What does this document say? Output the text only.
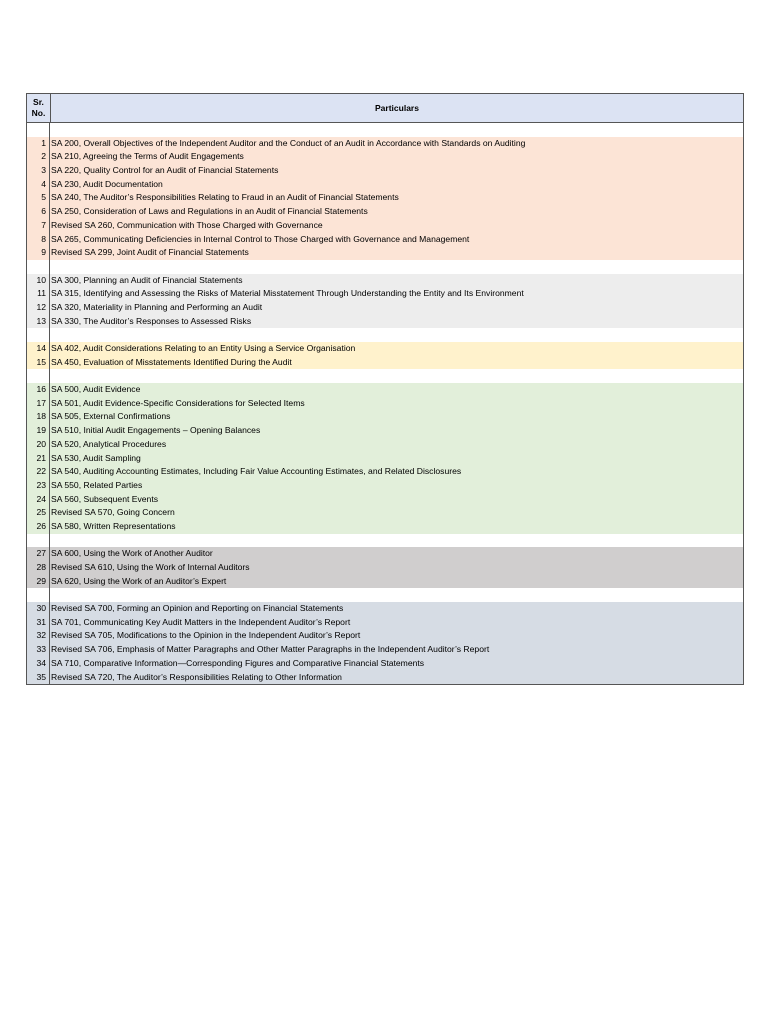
Sr.
No.	Particulars
1 SA 200, Overall Objectives of the Independent Auditor and the Conduct of an Audit in Accordance with Standards on Auditing
2 SA 210, Agreeing the Terms of Audit Engagements
3 SA 220, Quality Control for an Audit of Financial Statements
4 SA 230, Audit Documentation
5 SA 240, The Auditor’s Responsibilities Relating to Fraud in an Audit of Financial Statements
6 SA 250, Consideration of Laws and Regulations in an Audit of Financial Statements
7 Revised SA 260, Communication with Those Charged with Governance
8 SA 265, Communicating Deficiencies in Internal Control to Those Charged with Governance and Management
9 Revised SA 299, Joint Audit of Financial Statements
10 SA 300, Planning an Audit of Financial Statements
11 SA 315, Identifying and Assessing the Risks of Material Misstatement Through Understanding the Entity and Its Environment
12 SA 320, Materiality in Planning and Performing an Audit
13 SA 330, The Auditor’s Responses to Assessed Risks
14 SA 402, Audit Considerations Relating to an Entity Using a Service Organisation
15 SA 450, Evaluation of Misstatements Identified During the Audit
16 SA 500, Audit Evidence
17 SA 501, Audit Evidence-Specific Considerations for Selected Items
18 SA 505, External Confirmations
19 SA 510, Initial Audit Engagements – Opening Balances
20 SA 520, Analytical Procedures
21 SA 530, Audit Sampling
22 SA 540, Auditing Accounting Estimates, Including Fair Value Accounting Estimates, and Related Disclosures
23 SA 550, Related Parties
24 SA 560, Subsequent Events
25 Revised SA 570, Going Concern
26 SA 580, Written Representations
27 SA 600, Using the Work of Another Auditor
28 Revised SA 610, Using the Work of Internal Auditors
29 SA 620, Using the Work of an Auditor’s Expert
30 Revised SA 700, Forming an Opinion and Reporting on Financial Statements
31 SA 701, Communicating Key Audit Matters in the Independent Auditor’s Report
32 Revised SA 705, Modifications to the Opinion in the Independent Auditor’s Report
33 Revised SA 706, Emphasis of Matter Paragraphs and Other Matter Paragraphs in the Independent Auditor’s Report
34 SA 710, Comparative Information—Corresponding Figures and Comparative Financial Statements
35 Revised SA 720, The Auditor’s Responsibilities Relating to Other Information
